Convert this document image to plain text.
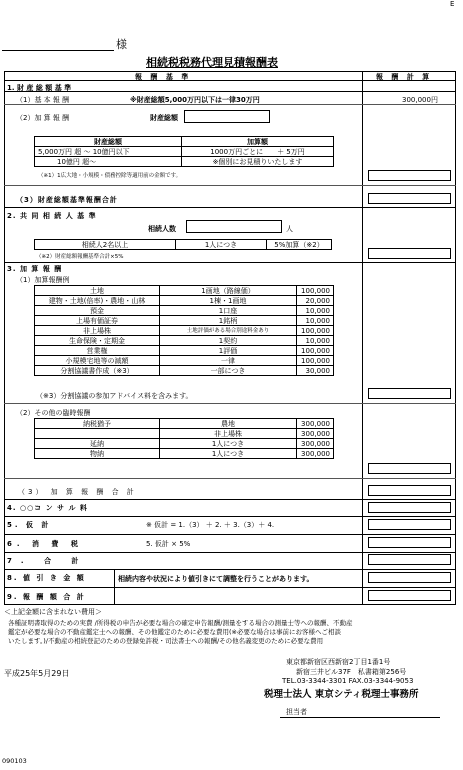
E
様
相続税税務代理見積報酬表
報 酬 基 準	報 酬 計 算
1. 財 産 総 額 基 準
（1）基 本 報 酬	※財産総額5,000万円以下は一律30万円	300,000円
（2）加 算 報 酬	財産総額
財産総額	加算額
5,000万円 超 ～ 10億円以下	1000万円ごとに　　＋ 5万円
10億円 超～	※個別にお見積りいたします
（※1）1広大地・小規模・債務控除等適用前の金額です。
（3）財産総額基準報酬合計
2. 共 同 相 続 人 基 準
相続人数	人
相続人2名以上	1人につき	5%加算（※2）
（※2）財産総額報酬基準合計×5%
3. 加 算 報 酬
（1）加算報酬例
土地	1画地（路線価）	100,000
建物・土地(倍率)・農地・山林	1棟・1画地	20,000
預金	1口座	10,000
上場有価証券	1銘柄	10,000
非上場株	土地評価がある場合別途料金あり	100,000
生命保険・定期金	1契約	10,000
営業権	1評価	100,000
小規模宅地等の減額	一律	100,000
分割協議書作成（※3）	一部につき	30,000
（※3）分割協議の参加アドバイス料を含みます。
（2）その他の臨時報酬
納税猶予	農地	300,000
	非上場株	300,000
延納	1人につき	300,000
物納	1人につき	300,000
（3） 加 算 報 酬 合 計
4. ○○コ ン サ ル 料
5. 仮 計	※ 仮計 = 1.（3） ＋ 2. ＋ 3.（3）＋ 4.
6. 消 費 税	5. 仮計 × 5%
7. 合 計
8. 値 引 き 金 額	相続内容や状況により値引きにて調整を行うことがあります。
9. 報 酬 額 合 計
＜上記金額に含まれない費用＞
各種証明書取得のための実費 /所得税の申告が必要な場合の確定申告報酬/測量をする場合の測量士等への報酬、不動産
鑑定が必要な場合の不動産鑑定士への報酬、その他鑑定のために必要な費用(※必要な場合は事前にお客様へご相談
いたします。)/不動産の相続登記のための登録免許税・司法書士への報酬/その他名義変更のために必要な費用
平成25年5月29日
東京都新宿区西新宿2丁目1番1号
新宿三井ビル37F　私書箱第256号
TEL.03-3344-3301 FAX.03-3344-9053
税理士法人 東京シティ税理士事務所
担当者
090103
